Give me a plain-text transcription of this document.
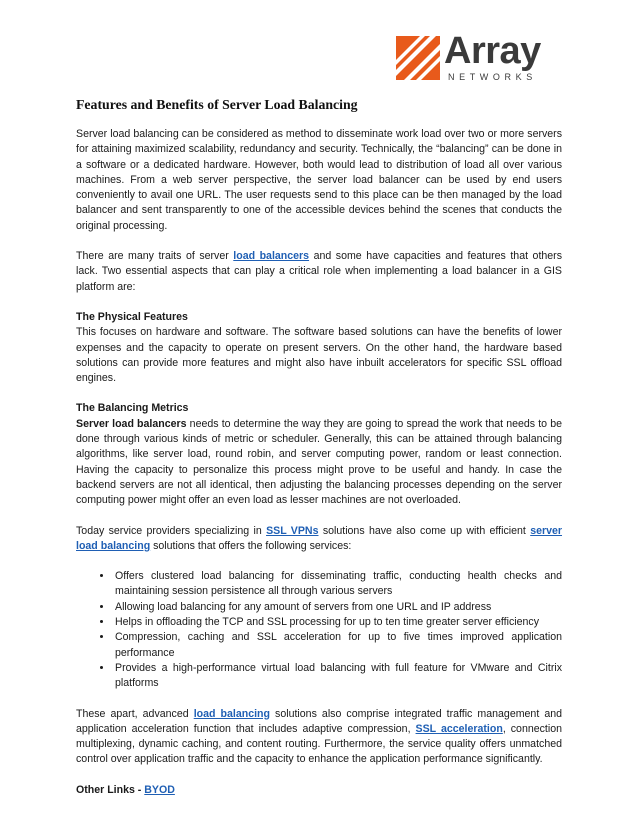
Array
NETWORKS
Features and Benefits of Server Load Balancing

Server load balancing can be considered as method to disseminate work load over two or more servers for attaining maximized scalability, redundancy and security. Technically, the “balancing” can be done in a software or a dedicated hardware. However, both would lead to distribution of load all over various machines. From a web server perspective, the server load balancer can be used by end users conveniently to avail one URL. The user requests send to this place can be then managed by the load balancer and sent transparently to one of the accessible devices behind the scenes that conducts the original processing.

There are many traits of server load balancers and some have capacities and features that others lack. Two essential aspects that can play a critical role when implementing a load balancer in a GIS platform are:

The Physical Features
This focuses on hardware and software. The software based solutions can have the benefits of lower expenses and the capacity to operate on present servers. On the other hand, the hardware based solutions can provide more features and might also have inbuilt accelerators for specific SSL offload engines.

The Balancing Metrics
Server load balancers needs to determine the way they are going to spread the work that needs to be done through various kinds of metric or scheduler. Generally, this can be attained through balancing algorithms, like server load, round robin, and server computing power, random or least connection. Having the capacity to personalize this process might prove to be useful and handy. In case the backend servers are not all identical, then adjusting the balancing processes depending on the server computing power might offer an even load as lesser machines are not overloaded.

Today service providers specializing in SSL VPNs solutions have also come up with efficient server load balancing solutions that offers the following services:

• Offers clustered load balancing for disseminating traffic, conducting health checks and maintaining session persistence all through various servers
• Allowing load balancing for any amount of servers from one URL and IP address
• Helps in offloading the TCP and SSL processing for up to ten time greater server efficiency
• Compression, caching and SSL acceleration for up to five times improved application performance
• Provides a high-performance virtual load balancing with full feature for VMware and Citrix platforms

These apart, advanced load balancing solutions also comprise integrated traffic management and application acceleration function that includes adaptive compression, SSL acceleration, connection multiplexing, dynamic caching, and content routing. Furthermore, the service quality offers unmatched control over application traffic and the capacity to enhance the application performance significantly.

Other Links - BYOD
